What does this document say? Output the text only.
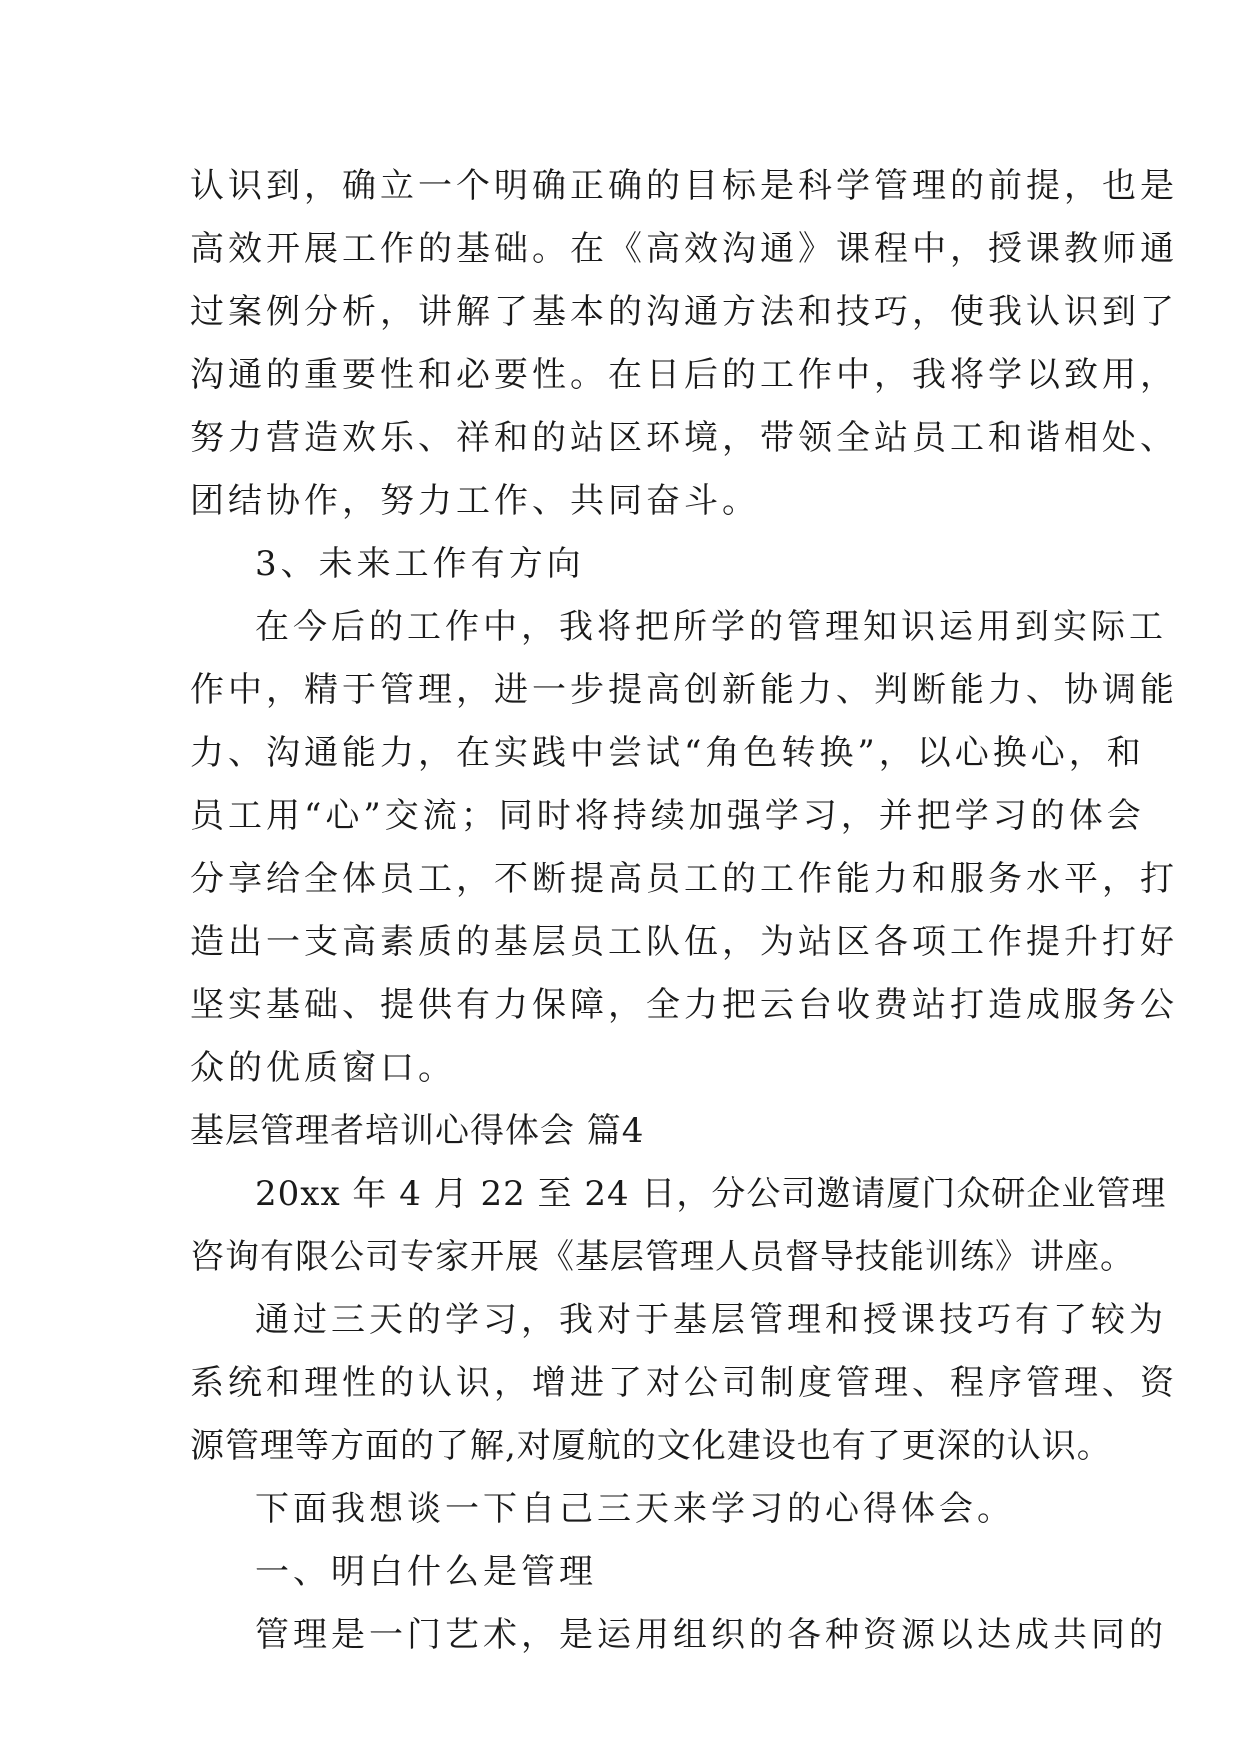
认识到，确立一个明确正确的目标是科学管理的前提，也是
高效开展工作的基础。在《高效沟通》课程中，授课教师通
过案例分析，讲解了基本的沟通方法和技巧，使我认识到了
沟通的重要性和必要性。在日后的工作中，我将学以致用，
努力营造欢乐、祥和的站区环境，带领全站员工和谐相处、
团结协作，努力工作、共同奋斗。
3、未来工作有方向
在今后的工作中，我将把所学的管理知识运用到实际工
作中，精于管理，进一步提高创新能力、判断能力、协调能
力、沟通能力，在实践中尝试“角色转换”，以心换心，和
员工用“心”交流；同时将持续加强学习，并把学习的体会
分享给全体员工，不断提高员工的工作能力和服务水平，打
造出一支高素质的基层员工队伍，为站区各项工作提升打好
坚实基础、提供有力保障，全力把云台收费站打造成服务公
众的优质窗口。
基层管理者培训心得体会 篇4
20xx 年 4 月 22 至 24 日，分公司邀请厦门众研企业管理
咨询有限公司专家开展《基层管理人员督导技能训练》讲座。
通过三天的学习，我对于基层管理和授课技巧有了较为
系统和理性的认识，增进了对公司制度管理、程序管理、资
源管理等方面的了解,对厦航的文化建设也有了更深的认识。
下面我想谈一下自己三天来学习的心得体会。
一、明白什么是管理
管理是一门艺术，是运用组织的各种资源以达成共同的
